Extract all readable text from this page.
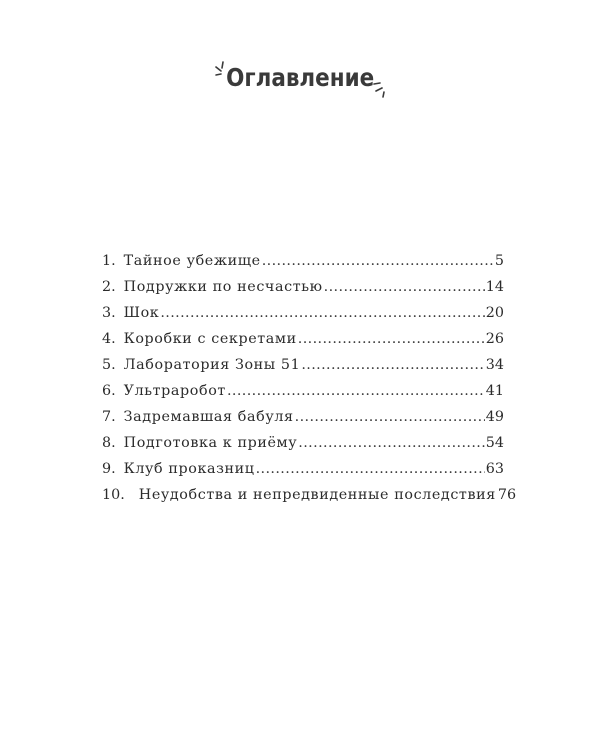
Оглавление
1. Тайное убежище .....	5
2. Подружки по несчастью .....	14
3. Шок .....	20
4. Коробки с секретами .....	26
5. Лаборатория Зоны 51 .....	34
6. Ультраробот .....	41
7. Задремавшая бабуля .....	49
8. Подготовка к приёму .....	54
9. Клуб проказниц .....	63
10. Неудобства и непредвиденные последствия 76
